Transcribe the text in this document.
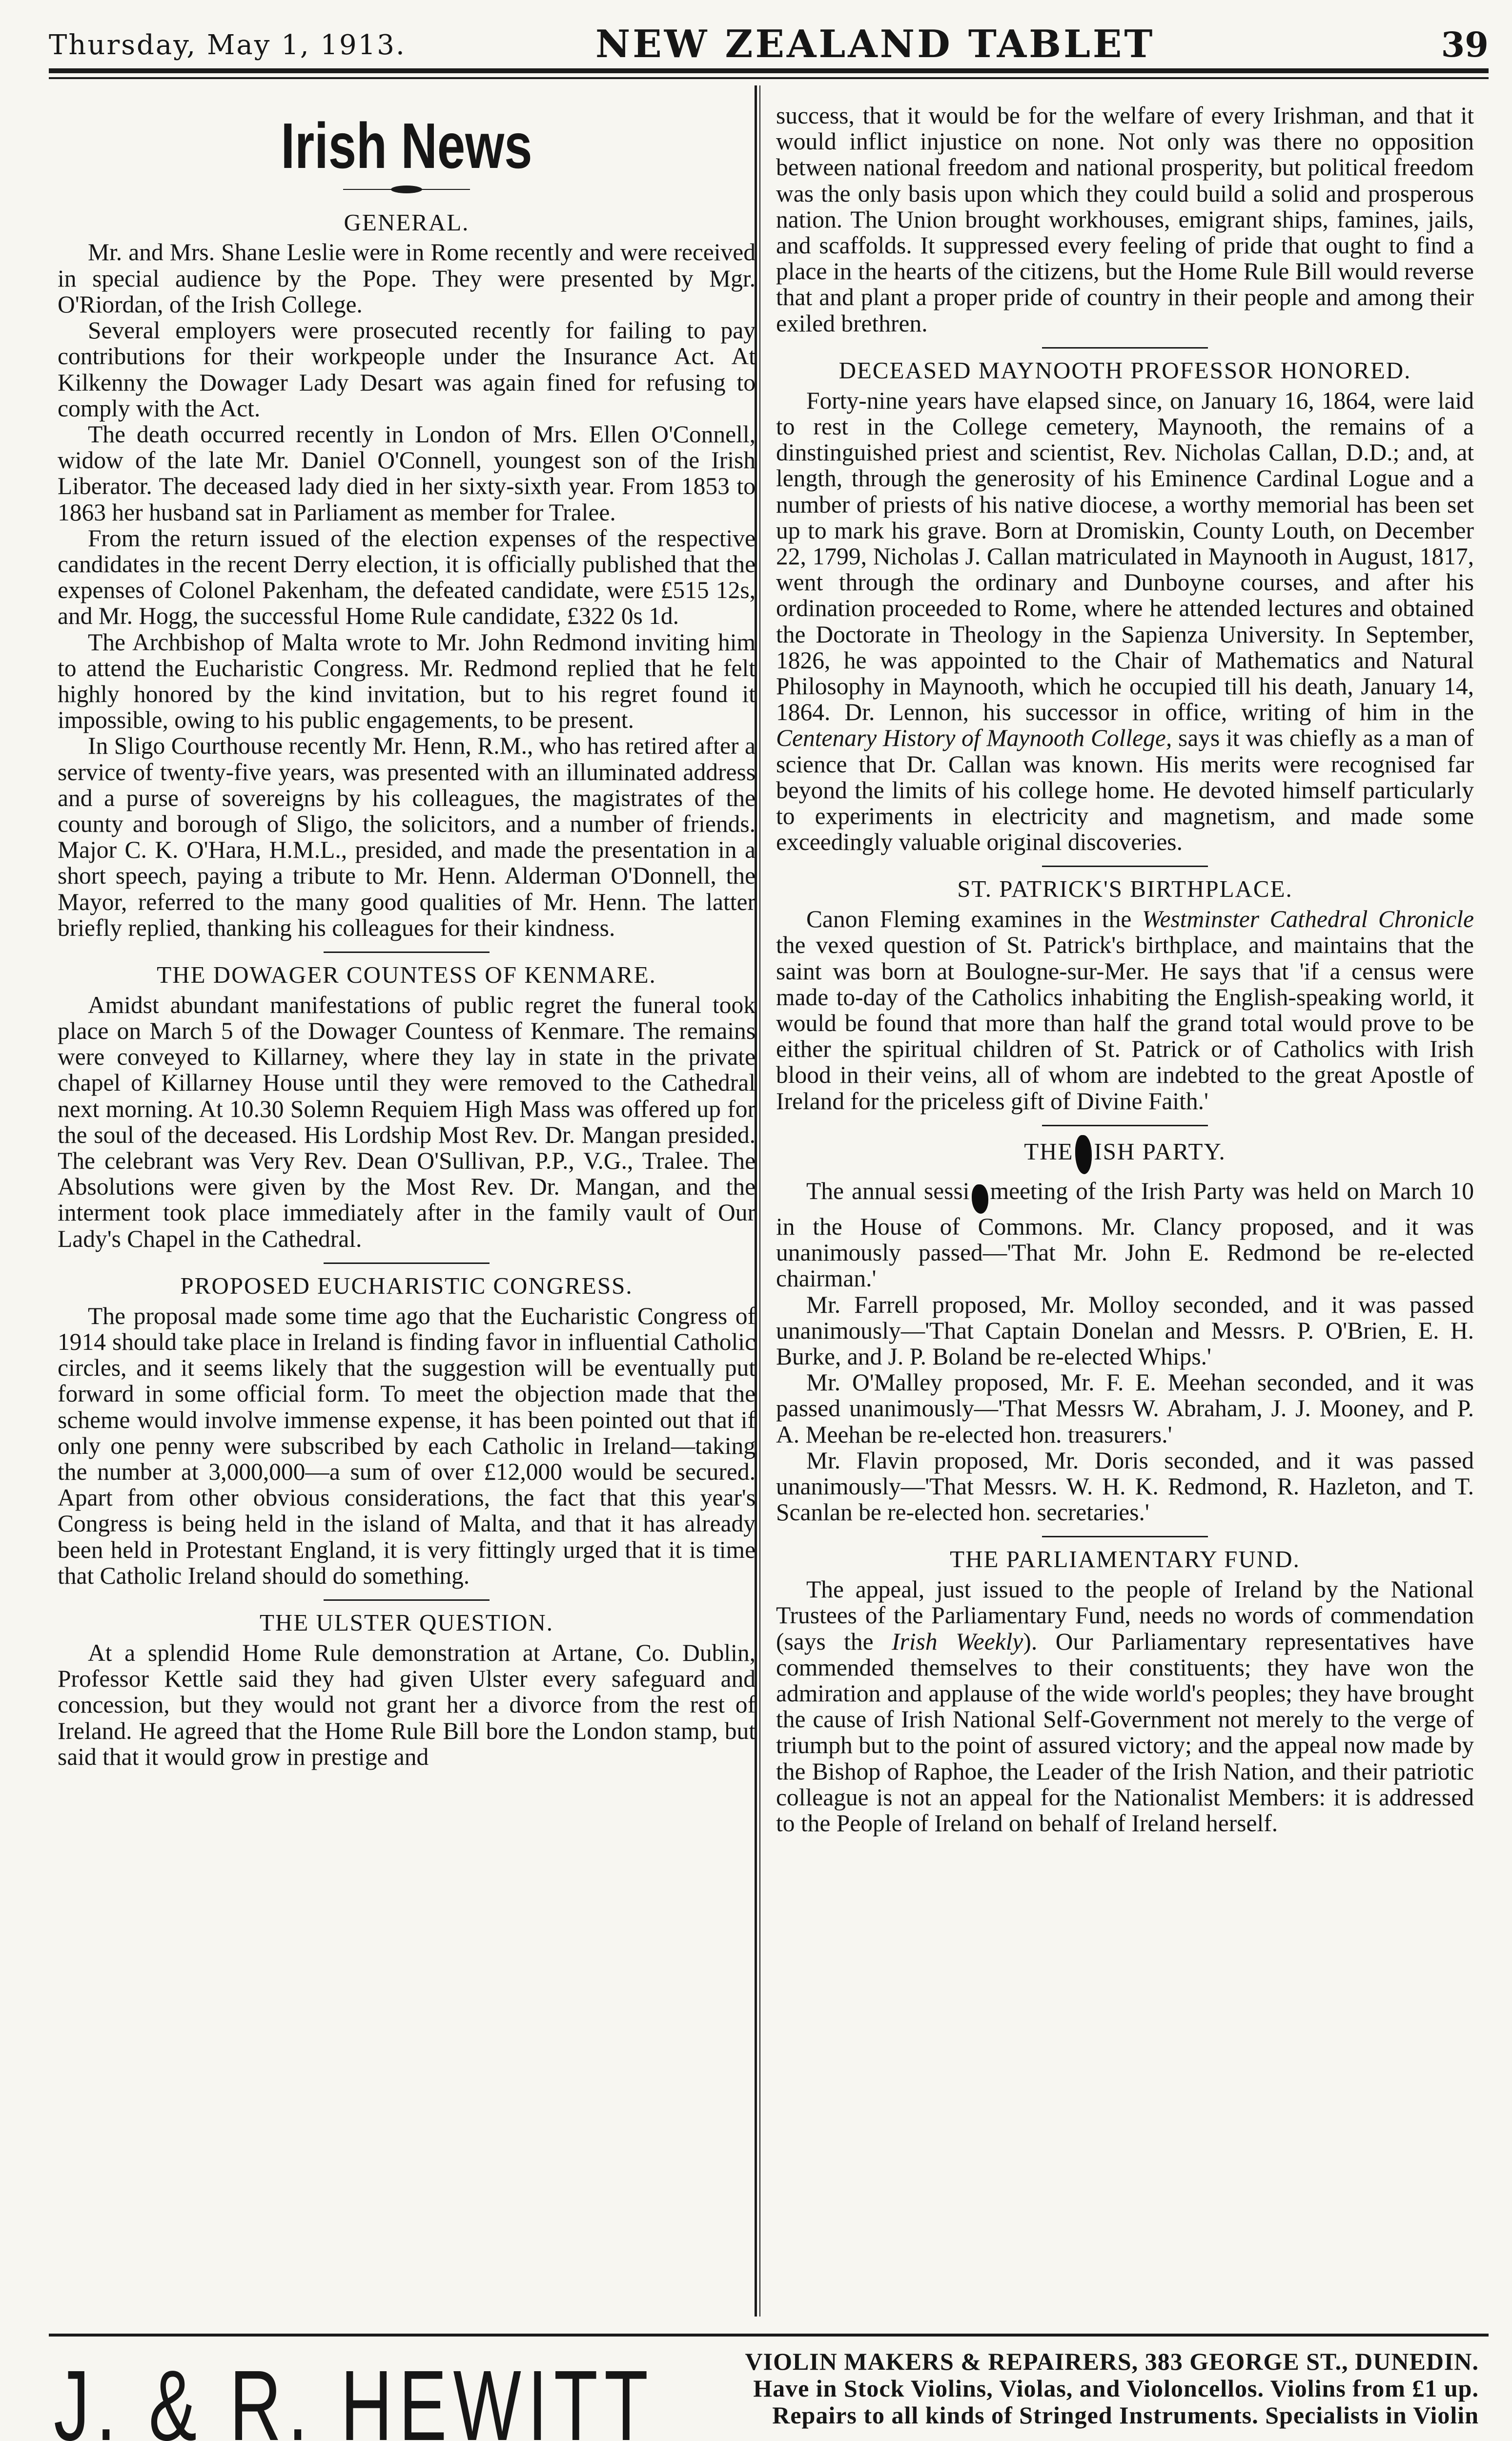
Thursday, May 1, 1913.	NEW ZEALAND TABLET	39
Irish News
GENERAL.

Mr. and Mrs. Shane Leslie were in Rome recently and were received in special audience by the Pope. They were presented by Mgr. O'Riordan, of the Irish College.

Several employers were prosecuted recently for failing to pay contributions for their workpeople under the Insurance Act. At Kilkenny the Dowager Lady Desart was again fined for refusing to comply with the Act.

The death occurred recently in London of Mrs. Ellen O'Connell, widow of the late Mr. Daniel O'Connell, youngest son of the Irish Liberator. The deceased lady died in her sixty-sixth year. From 1853 to 1863 her husband sat in Parliament as member for Tralee.

From the return issued of the election expenses of the respective candidates in the recent Derry election, it is officially published that the expenses of Colonel Pakenham, the defeated candidate, were £515 12s, and Mr. Hogg, the successful Home Rule candidate, £322 0s 1d.

The Archbishop of Malta wrote to Mr. John Redmond inviting him to attend the Eucharistic Congress. Mr. Redmond replied that he felt highly honored by the kind invitation, but to his regret found it impossible, owing to his public engagements, to be present.

In Sligo Courthouse recently Mr. Henn, R.M., who has retired after a service of twenty-five years, was presented with an illuminated address and a purse of sovereigns by his colleagues, the magistrates of the county and borough of Sligo, the solicitors, and a number of friends. Major C. K. O'Hara, H.M.L., presided, and made the presentation in a short speech, paying a tribute to Mr. Henn. Alderman O'Donnell, the Mayor, referred to the many good qualities of Mr. Henn. The latter briefly replied, thanking his colleagues for their kindness.

THE DOWAGER COUNTESS OF KENMARE.

Amidst abundant manifestations of public regret the funeral took place on March 5 of the Dowager Countess of Kenmare. The remains were conveyed to Killarney, where they lay in state in the private chapel of Killarney House until they were removed to the Cathedral next morning. At 10.30 Solemn Requiem High Mass was offered up for the soul of the deceased. His Lordship Most Rev. Dr. Mangan presided. The celebrant was Very Rev. Dean O'Sullivan, P.P., V.G., Tralee. The Absolutions were given by the Most Rev. Dr. Mangan, and the interment took place immediately after in the family vault of Our Lady's Chapel in the Cathedral.

PROPOSED EUCHARISTIC CONGRESS.

The proposal made some time ago that the Eucharistic Congress of 1914 should take place in Ireland is finding favor in influential Catholic circles, and it seems likely that the suggestion will be eventually put forward in some official form. To meet the objection made that the scheme would involve immense expense, it has been pointed out that if only one penny were subscribed by each Catholic in Ireland—taking the number at 3,000,000—a sum of over £12,000 would be secured. Apart from other obvious considerations, the fact that this year's Congress is being held in the island of Malta, and that it has already been held in Protestant England, it is very fittingly urged that it is time that Catholic Ireland should do something.

THE ULSTER QUESTION.

At a splendid Home Rule demonstration at Artane, Co. Dublin, Professor Kettle said they had given Ulster every safeguard and concession, but they would not grant her a divorce from the rest of Ireland. He agreed that the Home Rule Bill bore the London stamp, but said that it would grow in prestige and

success, that it would be for the welfare of every Irishman, and that it would inflict injustice on none. Not only was there no opposition between national freedom and national prosperity, but political freedom was the only basis upon which they could build a solid and prosperous nation. The Union brought workhouses, emigrant ships, famines, jails, and scaffolds. It suppressed every feeling of pride that ought to find a place in the hearts of the citizens, but the Home Rule Bill would reverse that and plant a proper pride of country in their people and among their exiled brethren.

DECEASED MAYNOOTH PROFESSOR HONORED.

Forty-nine years have elapsed since, on January 16, 1864, were laid to rest in the College cemetery, Maynooth, the remains of a dinstinguished priest and scientist, Rev. Nicholas Callan, D.D.; and, at length, through the generosity of his Eminence Cardinal Logue and a number of priests of his native diocese, a worthy memorial has been set up to mark his grave. Born at Dromiskin, County Louth, on December 22, 1799, Nicholas J. Callan matriculated in Maynooth in August, 1817, went through the ordinary and Dunboyne courses, and after his ordination proceeded to Rome, where he attended lectures and obtained the Doctorate in Theology in the Sapienza University. In September, 1826, he was appointed to the Chair of Mathematics and Natural Philosophy in Maynooth, which he occupied till his death, January 14, 1864. Dr. Lennon, his successor in office, writing of him in the Centenary History of Maynooth College, says it was chiefly as a man of science that Dr. Callan was known. His merits were recognised far beyond the limits of his college home. He devoted himself particularly to experiments in electricity and magnetism, and made some exceedingly valuable original discoveries.

ST. PATRICK'S BIRTHPLACE.

Canon Fleming examines in the Westminster Cathedral Chronicle the vexed question of St. Patrick's birthplace, and maintains that the saint was born at Boulogne-sur-Mer. He says that 'if a census were made to-day of the Catholics inhabiting the English-speaking world, it would be found that more than half the grand total would prove to be either the spiritual children of St. Patrick or of Catholics with Irish blood in their veins, all of whom are indebted to the great Apostle of Ireland for the priceless gift of Divine Faith.'

THE ISH PARTY.

The annual sessi meeting of the Irish Party was held on March 10 in the House of Commons. Mr. Clancy proposed, and it was unanimously passed—'That Mr. John E. Redmond be re-elected chairman.'

Mr. Farrell proposed, Mr. Molloy seconded, and it was passed unanimously—'That Captain Donelan and Messrs. P. O'Brien, E. H. Burke, and J. P. Boland be re-elected Whips.'

Mr. O'Malley proposed, Mr. F. E. Meehan seconded, and it was passed unanimously—'That Messrs W. Abraham, J. J. Mooney, and P. A. Meehan be re-elected hon. treasurers.'

Mr. Flavin proposed, Mr. Doris seconded, and it was passed unanimously—'That Messrs. W. H. K. Redmond, R. Hazleton, and T. Scanlan be re-elected hon. secretaries.'

THE PARLIAMENTARY FUND.

The appeal, just issued to the people of Ireland by the National Trustees of the Parliamentary Fund, needs no words of commendation (says the Irish Weekly). Our Parliamentary representatives have commended themselves to their constituents; they have won the admiration and applause of the wide world's peoples; they have brought the cause of Irish National Self-Government not merely to the verge of triumph but to the point of assured victory; and the appeal now made by the Bishop of Raphoe, the Leader of the Irish Nation, and their patriotic colleague is not an appeal for the Nationalist Members: it is addressed to the People of Ireland on behalf of Ireland herself.

J. & R. HEWITT	VIOLIN MAKERS & REPAIRERS, 383 GEORGE ST., DUNEDIN.
Have in Stock Violins, Violas, and Violoncellos. Violins from £1 up.
Repairs to all kinds of Stringed Instruments. Specialists in Violin
